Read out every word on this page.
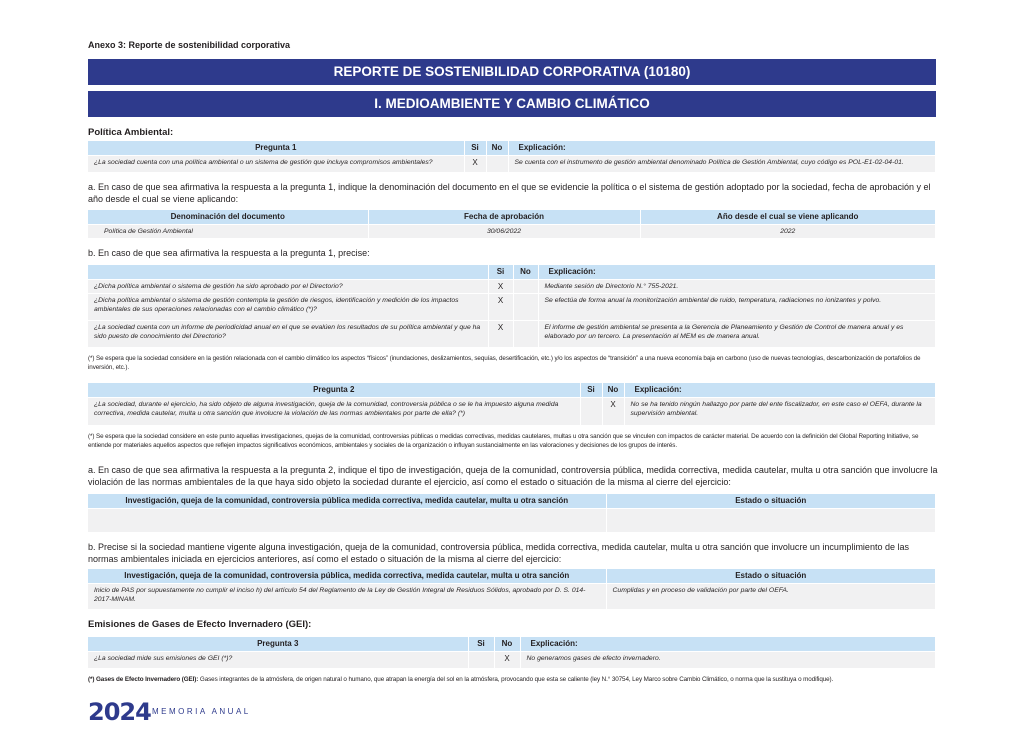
Anexo 3: Reporte de sostenibilidad corporativa
REPORTE DE SOSTENIBILIDAD CORPORATIVA (10180)
I. MEDIOAMBIENTE Y CAMBIO CLIMÁTICO
Política Ambiental:
Pregunta 1	Si	No	Explicación:
¿La sociedad cuenta con una política ambiental o un sistema de gestión que incluya compromisos ambientales?	X		Se cuenta con el instrumento de gestión ambiental denominado Política de Gestión Ambiental, cuyo código es POL-E1-02-04-01.
a. En caso de que sea afirmativa la respuesta a la pregunta 1, indique la denominación del documento en el que se evidencie la política o el sistema de gestión adoptado por la sociedad, fecha de aprobación y el año desde el cual se viene aplicando:
Denominación del documento	Fecha de aprobación	Año desde el cual se viene aplicando
Política de Gestión Ambiental	30/06/2022	2022
b. En caso de que sea afirmativa la respuesta a la pregunta 1, precise:
	Si	No	Explicación:
¿Dicha política ambiental o sistema de gestión ha sido aprobado por el Directorio?	X		Mediante sesión de Directorio N.° 755-2021.
¿Dicha política ambiental o sistema de gestión contempla la gestión de riesgos, identificación y medición de los impactos ambientales de sus operaciones relacionadas con el cambio climático (*)?	X		Se efectúa de forma anual la monitorización ambiental de ruido, temperatura, radiaciones no ionizantes y polvo.
¿La sociedad cuenta con un informe de periodicidad anual en el que se evalúen los resultados de su política ambiental y que ha sido puesto de conocimiento del Directorio?	X		El informe de gestión ambiental se presenta a la Gerencia de Planeamiento y Gestión de Control de manera anual y es elaborado por un tercero. La presentación al MEM es de manera anual.
(*) Se espera que la sociedad considere en la gestión relacionada con el cambio climático los aspectos “físicos” (inundaciones, deslizamientos, sequías, desertificación, etc.) y/o los aspectos de “transición” a una nueva economía baja en carbono (uso de nuevas tecnologías, descarbonización de portafolios de inversión, etc.).
Pregunta 2	Si	No	Explicación:
¿La sociedad, durante el ejercicio, ha sido objeto de alguna investigación, queja de la comunidad, controversia pública o se le ha impuesto alguna medida correctiva, medida cautelar, multa u otra sanción que involucre la violación de las normas ambientales por parte de ella? (*)		X	No se ha tenido ningún hallazgo por parte del ente fiscalizador, en este caso el OEFA, durante la supervisión ambiental.
(*) Se espera que la sociedad considere en este punto aquellas investigaciones, quejas de la comunidad, controversias públicas o medidas correctivas, medidas cautelares, multas u otra sanción que se vinculen con impactos de carácter material. De acuerdo con la definición del Global Reporting Initiative, se entiende por materiales aquellos aspectos que reflejen impactos significativos económicos, ambientales y sociales de la organización o influyan sustancialmente en las valoraciones y decisiones de los grupos de interés.
a. En caso de que sea afirmativa la respuesta a la pregunta 2, indique el tipo de investigación, queja de la comunidad, controversia pública, medida correctiva, medida cautelar, multa u otra sanción que involucre la violación de las normas ambientales de la que haya sido objeto la sociedad durante el ejercicio, así como el estado o situación de la misma al cierre del ejercicio:
Investigación, queja de la comunidad, controversia pública medida correctiva, medida cautelar, multa u otra sanción	Estado o situación

b. Precise si la sociedad mantiene vigente alguna investigación, queja de la comunidad, controversia pública, medida correctiva, medida cautelar, multa u otra sanción que involucre un incumplimiento de las normas ambientales iniciada en ejercicios anteriores, así como el estado o situación de la misma al cierre del ejercicio:
Investigación, queja de la comunidad, controversia pública, medida correctiva, medida cautelar, multa u otra sanción	Estado o situación
Inicio de PAS por supuestamente no cumplir el inciso h) del artículo 54 del Reglamento de la Ley de Gestión Integral de Residuos Sólidos, aprobado por D. S. 014-2017-MINAM.	Cumplidas y en proceso de validación por parte del OEFA.
Emisiones de Gases de Efecto Invernadero (GEI):
Pregunta 3	Si	No	Explicación:
¿La sociedad mide sus emisiones de GEI (*)?		X	No generamos gases de efecto invernadero.
(*) Gases de Efecto Invernadero (GEI): Gases integrantes de la atmósfera, de origen natural o humano, que atrapan la energía del sol en la atmósfera, provocando que esta se caliente (ley N.° 30754, Ley Marco sobre Cambio Climático, o norma que la sustituya o modifique).
2024 MEMORIA ANUAL
